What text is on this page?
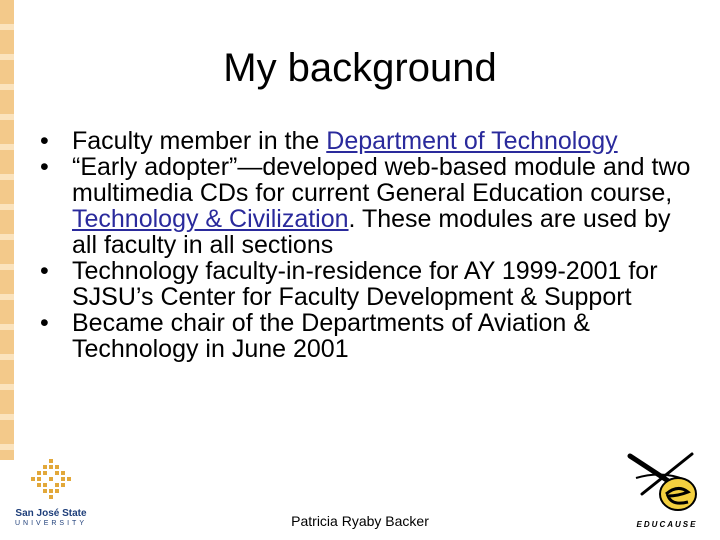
My background
• Faculty member in the Department of Technology
• “Early adopter”—developed web-based module and two multimedia CDs for current General Education course, Technology & Civilization. These modules are used by all faculty in all sections
• Technology faculty-in-residence for AY 1999-2001 for SJSU’s Center for Faculty Development & Support
• Became chair of the Departments of Aviation & Technology in June 2001
San José State
UNIVERSITY	Patricia Ryaby Backer	EDUCAUSE
